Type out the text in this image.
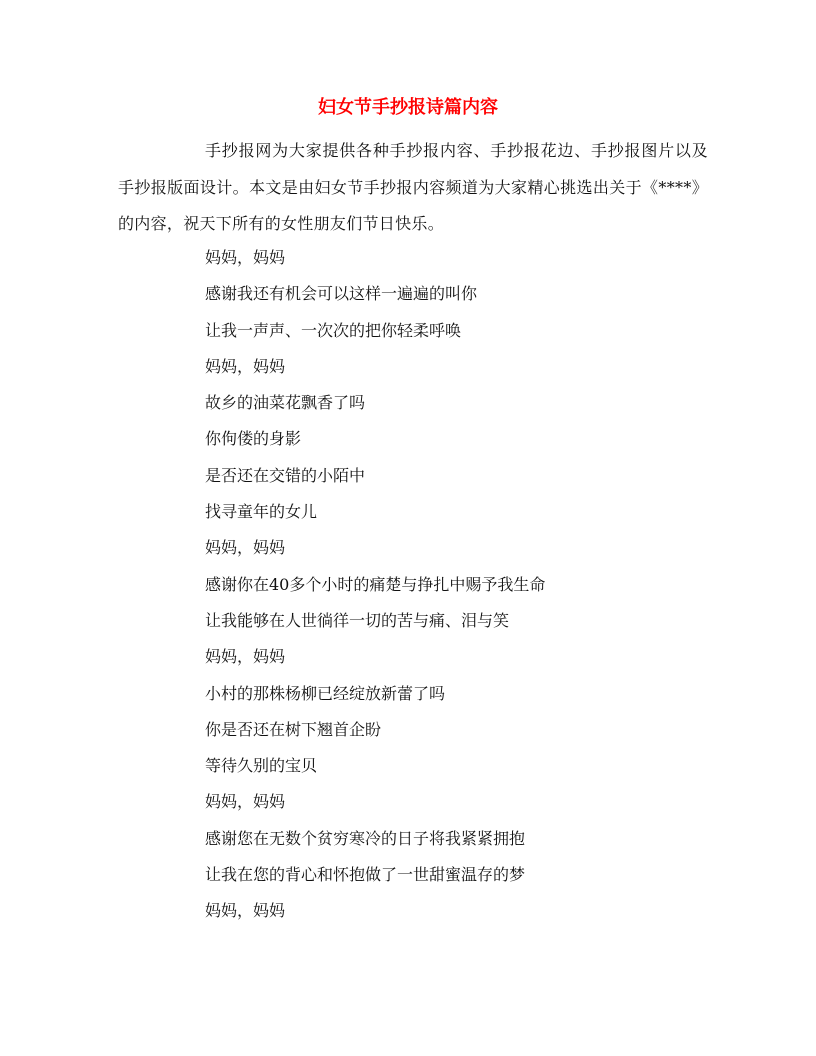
妇女节手抄报诗篇内容
手抄报网为大家提供各种手抄报内容、手抄报花边、手抄报图片以及手抄报版面设计。本文是由妇女节手抄报内容频道为大家精心挑选出关于《****》的内容，祝天下所有的女性朋友们节日快乐。
妈妈，妈妈
感谢我还有机会可以这样一遍遍的叫你
让我一声声、一次次的把你轻柔呼唤
妈妈，妈妈
故乡的油菜花飘香了吗
你佝偻的身影
是否还在交错的小陌中
找寻童年的女儿
妈妈，妈妈
感谢你在40多个小时的痛楚与挣扎中赐予我生命
让我能够在人世徜徉一切的苦与痛、泪与笑
妈妈，妈妈
小村的那株杨柳已经绽放新蕾了吗
你是否还在树下翘首企盼
等待久别的宝贝
妈妈，妈妈
感谢您在无数个贫穷寒冷的日子将我紧紧拥抱
让我在您的背心和怀抱做了一世甜蜜温存的梦
妈妈，妈妈
